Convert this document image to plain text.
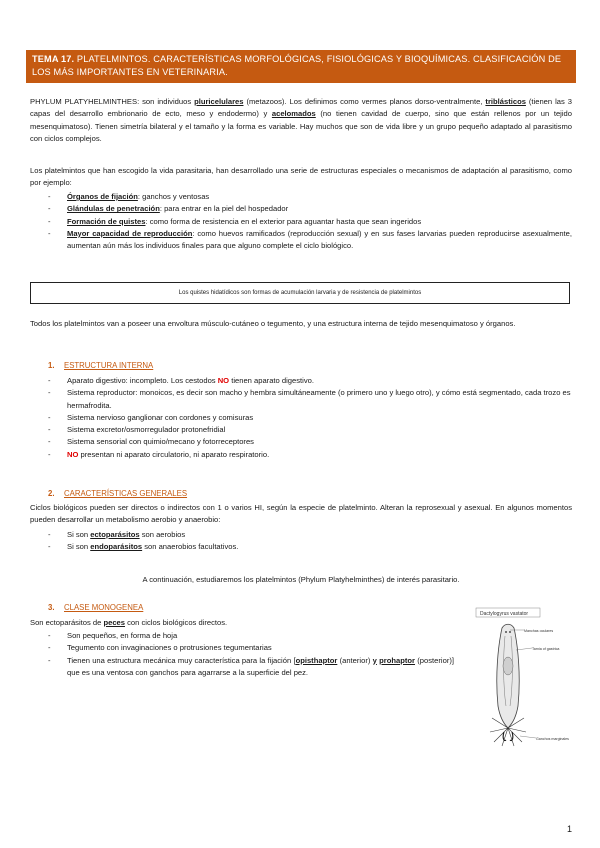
TEMA 17. PLATELMINTOS. CARACTERÍSTICAS MORFOLÓGICAS, FISIOLÓGICAS Y BIOQUÍMICAS. CLASIFICACIÓN DE LOS MÁS IMPORTANTES EN VETERINARIA.
PHYLUM PLATYHELMINTHES: son individuos pluricelulares (metazoos). Los definimos como vermes planos dorso-ventralmente, triblásticos (tienen las 3 capas del desarrollo embrionario de ecto, meso y endodermo) y acelomados (no tienen cavidad de cuerpo, sino que están rellenos por un tejido mesenquimatoso). Tienen simetría bilateral y el tamaño y la forma es variable. Hay muchos que son de vida libre y un grupo pequeño adaptado al parasitismo con ciclos complejos.
Los platelmintos que han escogido la vida parasitaria, han desarrollado una serie de estructuras especiales o mecanismos de adaptación al parasitismo, como por ejemplo:
- Órganos de fijación: ganchos y ventosas
- Glándulas de penetración: para entrar en la piel del hospedador
- Formación de quistes: como forma de resistencia en el exterior para aguantar hasta que sean ingeridos
- Mayor capacidad de reproducción: como huevos ramificados (reproducción sexual) y en sus fases larvarias pueden reproducirse asexualmente, aumentan aún más los individuos finales para que alguno complete el ciclo biológico.
Los quistes hidatídicos son formas de acumulación larvaria y de resistencia de platelmintos
Todos los platelmintos van a poseer una envoltura músculo-cutáneo o tegumento, y una estructura interna de tejido mesenquimatoso y órganos.
1. ESTRUCTURA INTERNA
- Aparato digestivo: incompleto. Los cestodos NO tienen aparato digestivo.
- Sistema reproductor: monoicos, es decir son macho y hembra simultáneamente (o primero uno y luego otro), y cómo está segmentado, cada trozo es hermafrodita.
- Sistema nervioso ganglionar con cordones y comisuras
- Sistema excretor/osmorregulador protonefridial
- Sistema sensorial con quimio/mecano y fotorreceptores
- NO presentan ni aparato circulatorio, ni aparato respiratorio.
2. CARACTERÍSTICAS GENERALES
Ciclos biológicos pueden ser directos o indirectos con 1 o varios HI, según la especie de platelminto. Alteran la reprosexual y asexual. En algunos momentos pueden desarrollar un metabolismo aerobio y anaerobio:
- Si son ectoparásitos son aerobios
- Si son endoparásitos son anaerobios facultativos.
A continuación, estudiaremos los platelmintos (Phylum Platyhelminthes) de interés parasitario.
3. CLASE MONOGENEA
Son ectoparásitos de peces con ciclos biológicos directos.
- Son pequeños, en forma de hoja
- Tegumento con invaginaciones o protrusiones tegumentarias
- Tienen una estructura mecánica muy característica para la fijación [opisthaptor (anterior) y prohaptor (posterior)] que es una ventosa con ganchos para agarrarse a la superficie del pez.
Dactylogyrus vastator
Manchas oculares
Tarnia of gastrica
Ganchos marginales
1
